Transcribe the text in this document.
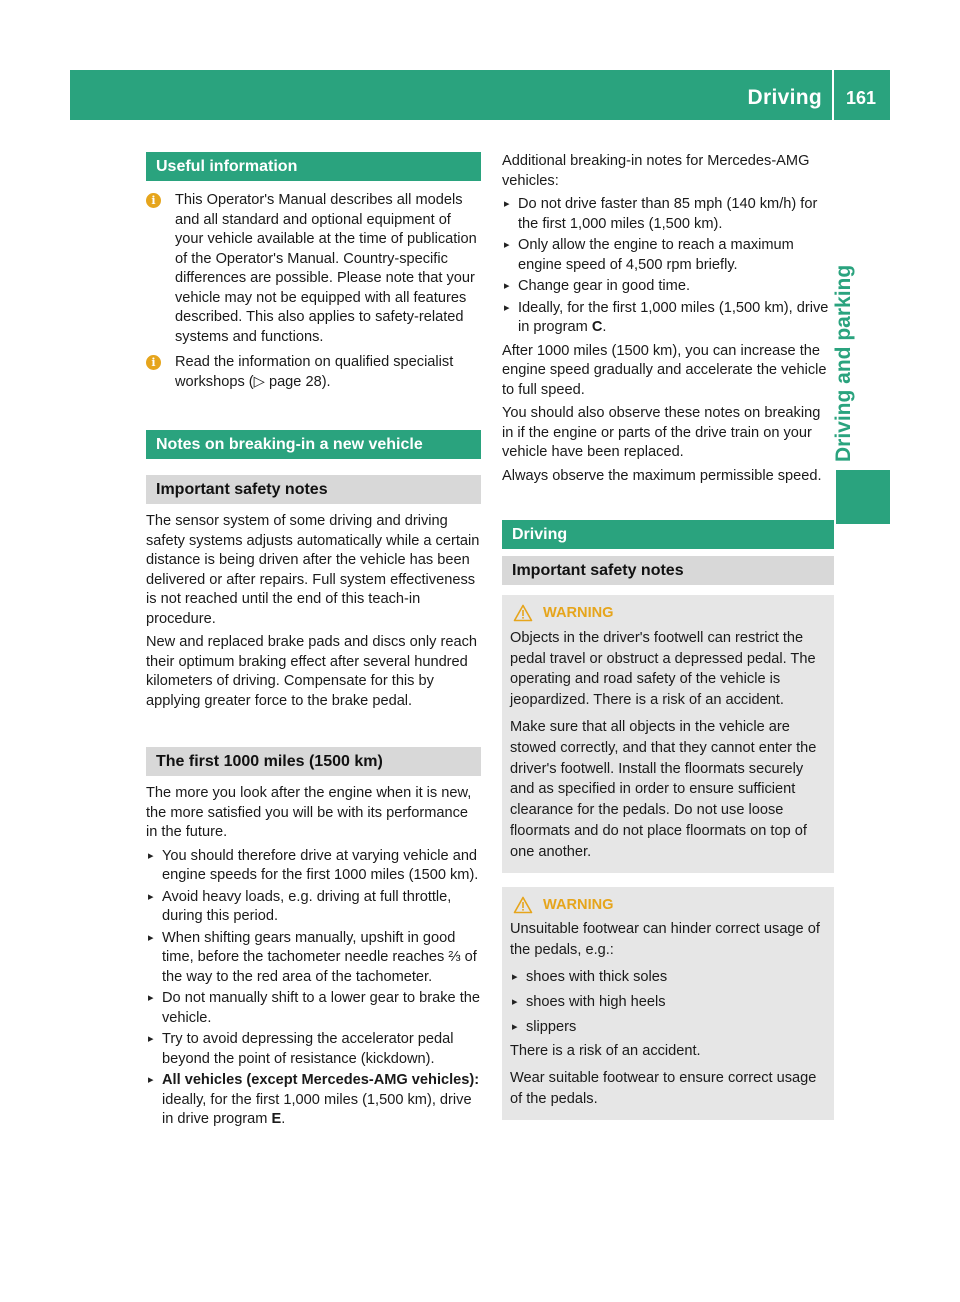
Driving 161
Driving and parking
Useful information
i	This Operator's Manual describes all models and all standard and optional equipment of your vehicle available at the time of publication of the Operator's Manual. Country-specific differences are possible. Please note that your vehicle may not be equipped with all features described. This also applies to safety-related systems and functions.
i	Read the information on qualified specialist workshops (▷ page 28).
Notes on breaking-in a new vehicle
Important safety notes

The sensor system of some driving and driving safety systems adjusts automatically while a certain distance is being driven after the vehicle has been delivered or after repairs. Full system effectiveness is not reached until the end of this teach-in procedure.

New and replaced brake pads and discs only reach their optimum braking effect after several hundred kilometers of driving. Compensate for this by applying greater force to the brake pedal.

The first 1000 miles (1500 km)

The more you look after the engine when it is new, the more satisfied you will be with its performance in the future.

▸ You should therefore drive at varying vehicle and engine speeds for the first 1000 miles (1500 km).
▸ Avoid heavy loads, e.g. driving at full throttle, during this period.
▸ When shifting gears manually, upshift in good time, before the tachometer needle reaches ⅔ of the way to the red area of the tachometer.
▸ Do not manually shift to a lower gear to brake the vehicle.
▸ Try to avoid depressing the accelerator pedal beyond the point of resistance (kickdown).
▸ All vehicles (except Mercedes-AMG vehicles): ideally, for the first 1,000 miles (1,500 km), drive in drive program E.

Additional breaking-in notes for Mercedes-AMG vehicles:

▸ Do not drive faster than 85 mph (140 km/h) for the first 1,000 miles (1,500 km).
▸ Only allow the engine to reach a maximum engine speed of 4,500 rpm briefly.
▸ Change gear in good time.
▸ Ideally, for the first 1,000 miles (1,500 km), drive in program C.

After 1000 miles (1500 km), you can increase the engine speed gradually and accelerate the vehicle to full speed.

You should also observe these notes on breaking in if the engine or parts of the drive train on your vehicle have been replaced.

Always observe the maximum permissible speed.

Driving
Important safety notes
WARNING

Objects in the driver's footwell can restrict the pedal travel or obstruct a depressed pedal. The operating and road safety of the vehicle is jeopardized. There is a risk of an accident.

Make sure that all objects in the vehicle are stowed correctly, and that they cannot enter the driver's footwell. Install the floormats securely and as specified in order to ensure sufficient clearance for the pedals. Do not use loose floormats and do not place floormats on top of one another.

WARNING

Unsuitable footwear can hinder correct usage of the pedals, e.g.:

▸ shoes with thick soles
▸ shoes with high heels
▸ slippers

There is a risk of an accident.

Wear suitable footwear to ensure correct usage of the pedals.
